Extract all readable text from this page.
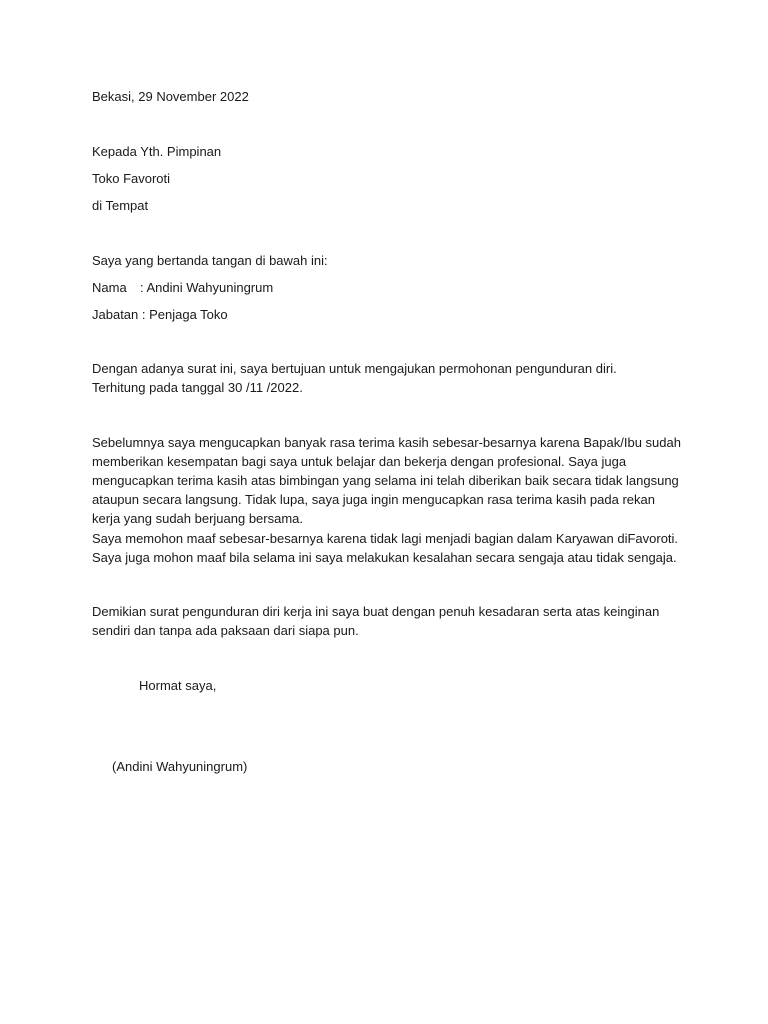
Bekasi, 29 November 2022
Kepada Yth. Pimpinan
Toko Favoroti
di Tempat
Saya yang bertanda tangan di bawah ini:
Nama : Andini Wahyuningrum
Jabatan : Penjaga Toko
Dengan adanya surat ini, saya bertujuan untuk mengajukan permohonan pengunduran diri.
Terhitung pada tanggal 30 /11 /2022.
Sebelumnya saya mengucapkan banyak rasa terima kasih sebesar-besarnya karena Bapak/Ibu sudah
memberikan kesempatan bagi saya untuk belajar dan bekerja dengan profesional. Saya juga
mengucapkan terima kasih atas bimbingan yang selama ini telah diberikan baik secara tidak langsung
ataupun secara langsung. Tidak lupa, saya juga ingin mengucapkan rasa terima kasih pada rekan
kerja yang sudah berjuang bersama.
Saya memohon maaf sebesar-besarnya karena tidak lagi menjadi bagian dalam Karyawan diFavoroti.
Saya juga mohon maaf bila selama ini saya melakukan kesalahan secara sengaja atau tidak sengaja.
Demikian surat pengunduran diri kerja ini saya buat dengan penuh kesadaran serta atas keinginan
sendiri dan tanpa ada paksaan dari siapa pun.
Hormat saya,
(Andini Wahyuningrum)
